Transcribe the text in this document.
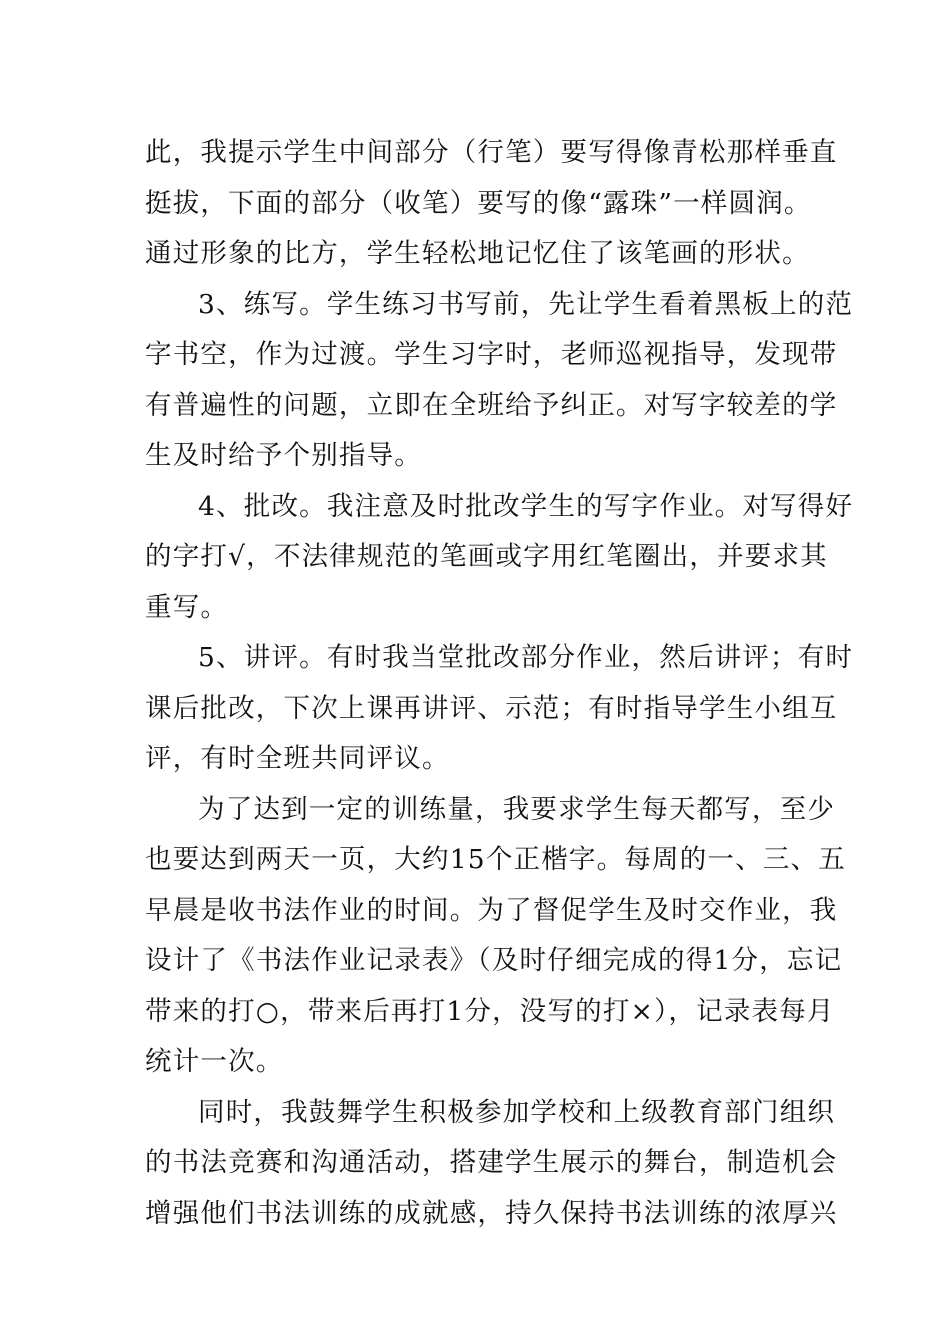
此，我提示学生中间部分（行笔）要写得像青松那样垂直
挺拔，下面的部分（收笔）要写的像“露珠”一样圆润。
通过形象的比方，学生轻松地记忆住了该笔画的形状。
3、练写。学生练习书写前，先让学生看着黑板上的范
字书空，作为过渡。学生习字时，老师巡视指导，发现带
有普遍性的问题，立即在全班给予纠正。对写字较差的学
生及时给予个别指导。
4、批改。我注意及时批改学生的写字作业。对写得好
的字打√，不法律规范的笔画或字用红笔圈出，并要求其
重写。
5、讲评。有时我当堂批改部分作业，然后讲评；有时
课后批改，下次上课再讲评、示范；有时指导学生小组互
评，有时全班共同评议。
为了达到一定的训练量，我要求学生每天都写，至少
也要达到两天一页，大约15个正楷字。每周的一、三、五
早晨是收书法作业的时间。为了督促学生及时交作业，我
设计了《书法作业记录表》（及时仔细完成的得1分，忘记
带来的打○，带来后再打1分，没写的打×），记录表每月
统计一次。
同时，我鼓舞学生积极参加学校和上级教育部门组织
的书法竞赛和沟通活动，搭建学生展示的舞台，制造机会
增强他们书法训练的成就感，持久保持书法训练的浓厚兴
